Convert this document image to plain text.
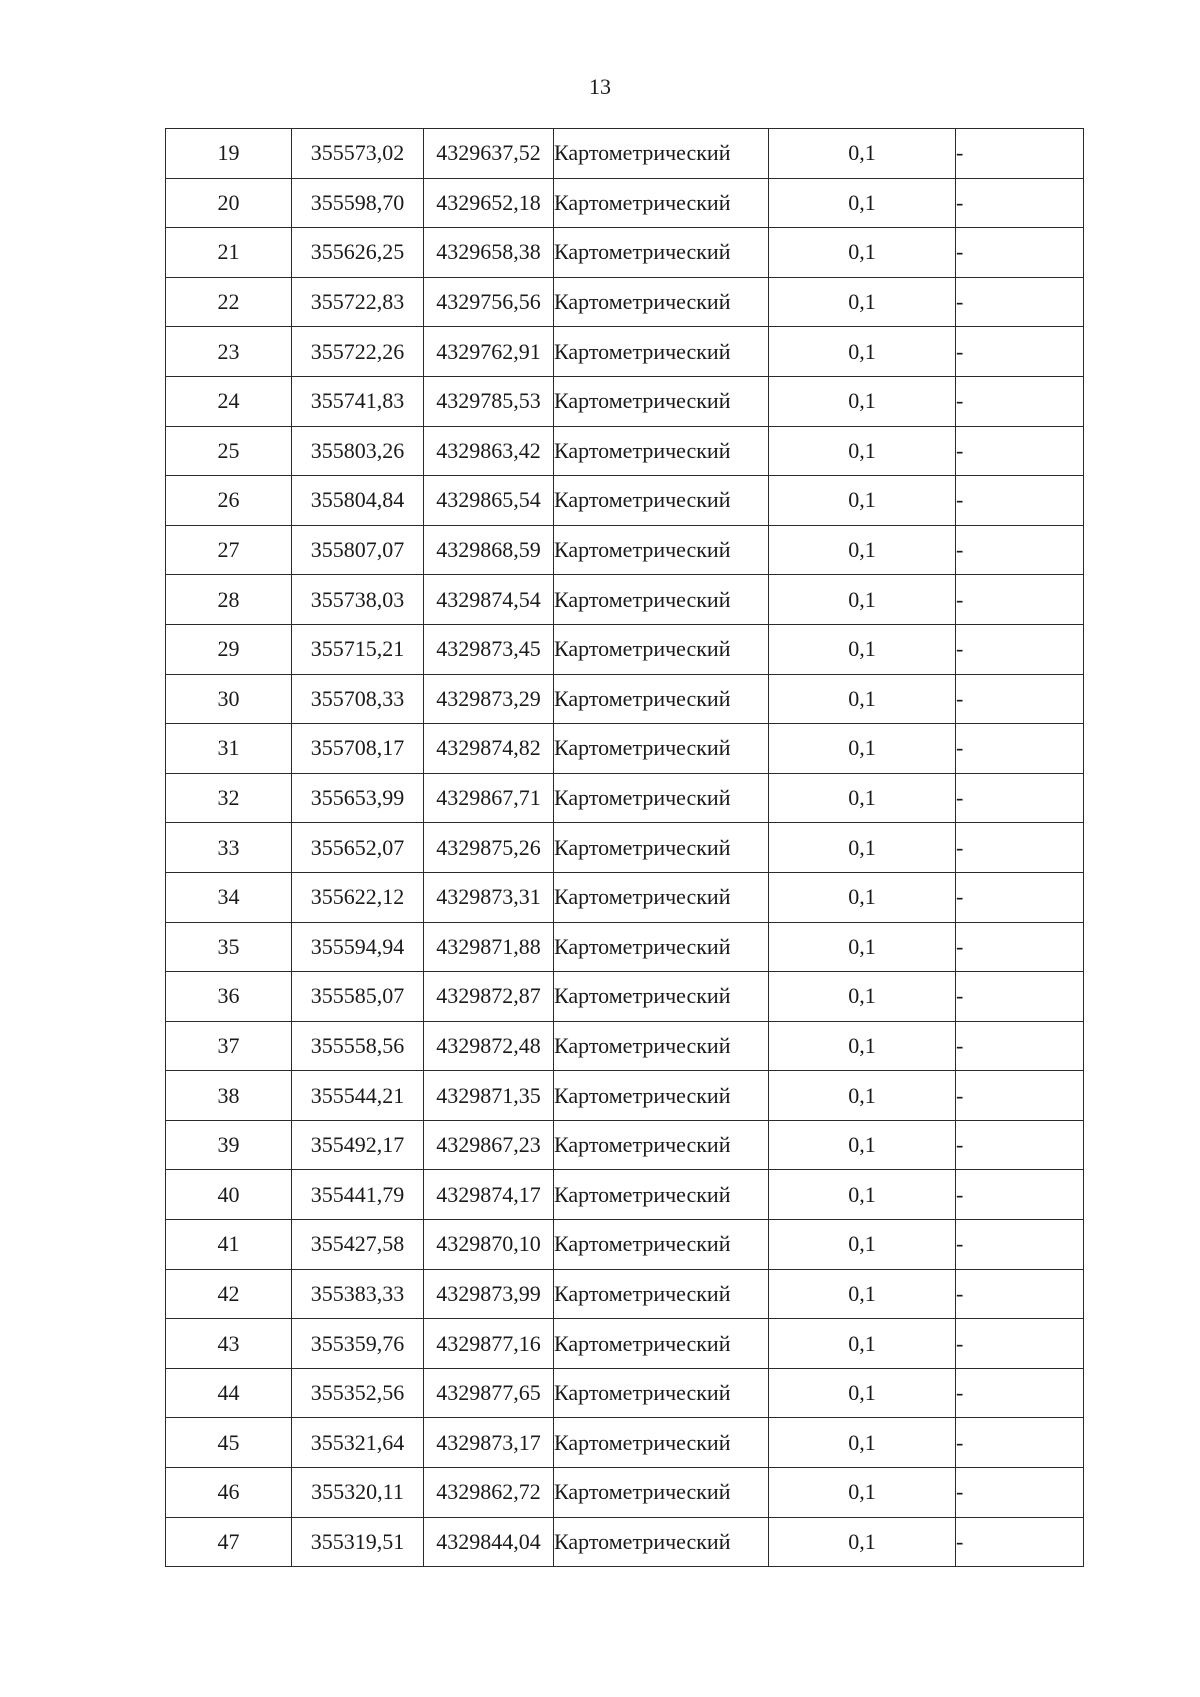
13
19	355573,02	4329637,52	Картометрический	0,1	-
20	355598,70	4329652,18	Картометрический	0,1	-
21	355626,25	4329658,38	Картометрический	0,1	-
22	355722,83	4329756,56	Картометрический	0,1	-
23	355722,26	4329762,91	Картометрический	0,1	-
24	355741,83	4329785,53	Картометрический	0,1	-
25	355803,26	4329863,42	Картометрический	0,1	-
26	355804,84	4329865,54	Картометрический	0,1	-
27	355807,07	4329868,59	Картометрический	0,1	-
28	355738,03	4329874,54	Картометрический	0,1	-
29	355715,21	4329873,45	Картометрический	0,1	-
30	355708,33	4329873,29	Картометрический	0,1	-
31	355708,17	4329874,82	Картометрический	0,1	-
32	355653,99	4329867,71	Картометрический	0,1	-
33	355652,07	4329875,26	Картометрический	0,1	-
34	355622,12	4329873,31	Картометрический	0,1	-
35	355594,94	4329871,88	Картометрический	0,1	-
36	355585,07	4329872,87	Картометрический	0,1	-
37	355558,56	4329872,48	Картометрический	0,1	-
38	355544,21	4329871,35	Картометрический	0,1	-
39	355492,17	4329867,23	Картометрический	0,1	-
40	355441,79	4329874,17	Картометрический	0,1	-
41	355427,58	4329870,10	Картометрический	0,1	-
42	355383,33	4329873,99	Картометрический	0,1	-
43	355359,76	4329877,16	Картометрический	0,1	-
44	355352,56	4329877,65	Картометрический	0,1	-
45	355321,64	4329873,17	Картометрический	0,1	-
46	355320,11	4329862,72	Картометрический	0,1	-
47	355319,51	4329844,04	Картометрический	0,1	-
